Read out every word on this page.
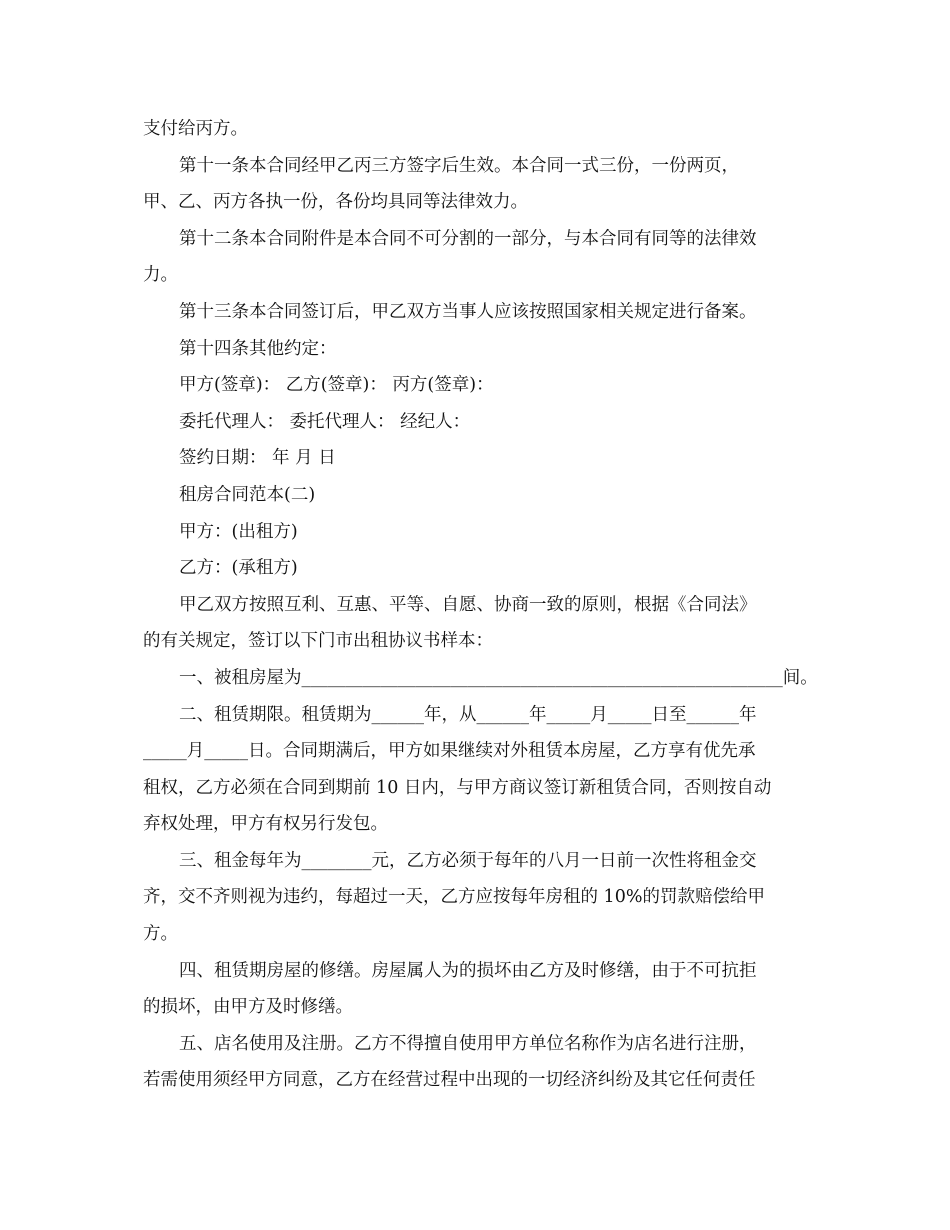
支付给丙方。
第十一条本合同经甲乙丙三方签字后生效。本合同一式三份，一份两页，
甲、乙、丙方各执一份，各份均具同等法律效力。
第十二条本合同附件是本合同不可分割的一部分，与本合同有同等的法律效
力。
第十三条本合同签订后，甲乙双方当事人应该按照国家相关规定进行备案。
第十四条其他约定：
甲方(签章)： 乙方(签章)： 丙方(签章)：
委托代理人： 委托代理人： 经纪人：
签约日期： 年 月 日
租房合同范本(二)
甲方：(出租方)
乙方：(承租方)
甲乙双方按照互利、互惠、平等、自愿、协商一致的原则，根据《合同法》
的有关规定，签订以下门市出租协议书样本：
一、被租房屋为_______________________________________________________间。
二、租赁期限。租赁期为______年，从______年_____月_____日至______年
_____月_____日。合同期满后，甲方如果继续对外租赁本房屋，乙方享有优先承
租权，乙方必须在合同到期前 10 日内，与甲方商议签订新租赁合同，否则按自动
弃权处理，甲方有权另行发包。
三、租金每年为________元，乙方必须于每年的八月一日前一次性将租金交
齐，交不齐则视为违约，每超过一天，乙方应按每年房租的 10%的罚款赔偿给甲
方。
四、租赁期房屋的修缮。房屋属人为的损坏由乙方及时修缮，由于不可抗拒
的损坏，由甲方及时修缮。
五、店名使用及注册。乙方不得擅自使用甲方单位名称作为店名进行注册，
若需使用须经甲方同意，乙方在经营过程中出现的一切经济纠纷及其它任何责任
